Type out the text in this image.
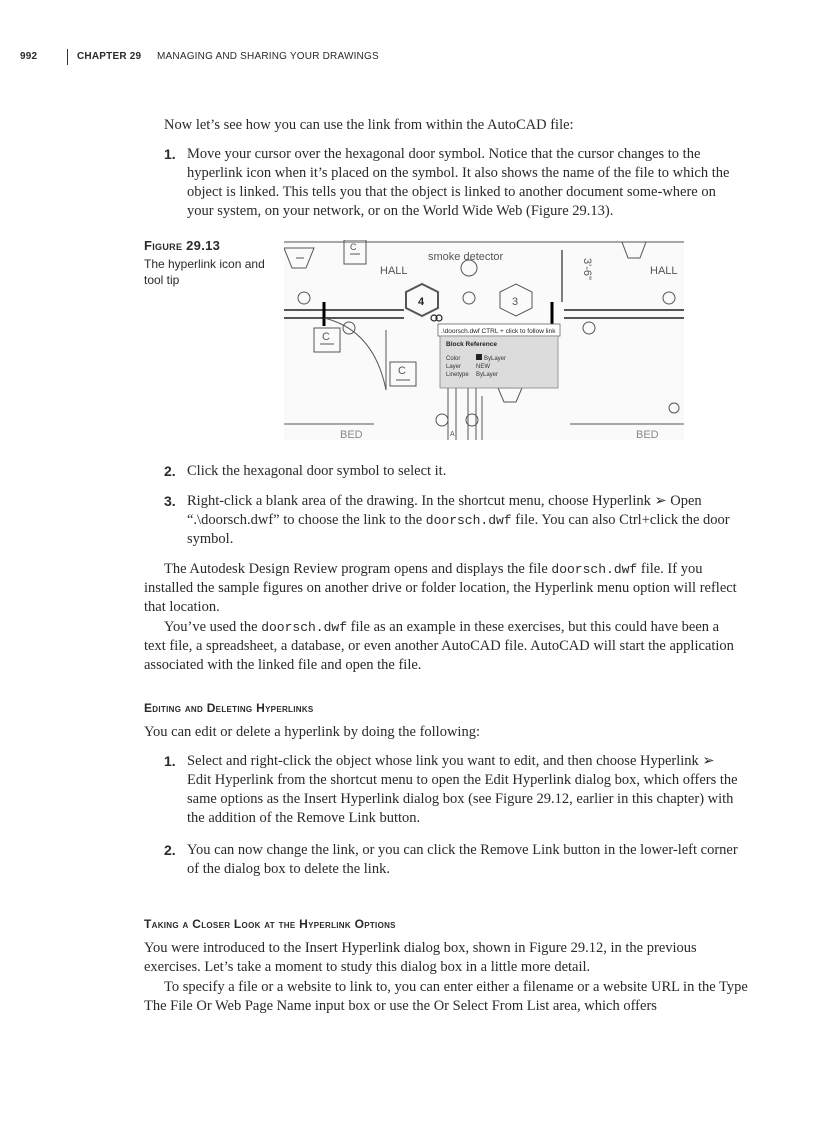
992	CHAPTER 29 MANAGING AND SHARING YOUR DRAWINGS

Now let’s see how you can use the link from within the AutoCAD file:

1. Move your cursor over the hexagonal door symbol. Notice that the cursor changes to the hyperlink icon when it’s placed on the symbol. It also shows the name of the file to which the object is linked. This tells you that the object is linked to another document some-where on your system, on your network, or on the World Wide Web (Figure 29.13).
Figure 29.13
The hyperlink icon and tool tip
smoke detector
HALL	HALL
3'-6"
4	3
C
C
C
BED	BED
A
.\doorsch.dwf CTRL + click to follow link
Block Reference
Color	ByLayer
Layer NEW
Linetype ByLayer
2. Click the hexagonal door symbol to select it.
3. Right-click a blank area of the drawing. In the shortcut menu, choose Hyperlink ➢ Open “.\doorsch.dwf” to choose the link to the doorsch.dwf file. You can also Ctrl+click the door symbol.

The Autodesk Design Review program opens and displays the file doorsch.dwf file. If you installed the sample figures on another drive or folder location, the Hyperlink menu option will reflect that location.

You’ve used the doorsch.dwf file as an example in these exercises, but this could have been a text file, a spreadsheet, a database, or even another AutoCAD file. AutoCAD will start the application associated with the linked file and open the file.

Editing and Deleting Hyperlinks

You can edit or delete a hyperlink by doing the following:

1. Select and right-click the object whose link you want to edit, and then choose Hyperlink ➢ Edit Hyperlink from the shortcut menu to open the Edit Hyperlink dialog box, which offers the same options as the Insert Hyperlink dialog box (see Figure 29.12, earlier in this chapter) with the addition of the Remove Link button.
2. You can now change the link, or you can click the Remove Link button in the lower-left corner of the dialog box to delete the link.
Taking a Closer Look at the Hyperlink Options

You were introduced to the Insert Hyperlink dialog box, shown in Figure 29.12, in the previous exercises. Let’s take a moment to study this dialog box in a little more detail.

To specify a file or a website to link to, you can enter either a filename or a website URL in the Type The File Or Web Page Name input box or use the Or Select From List area, which offers
